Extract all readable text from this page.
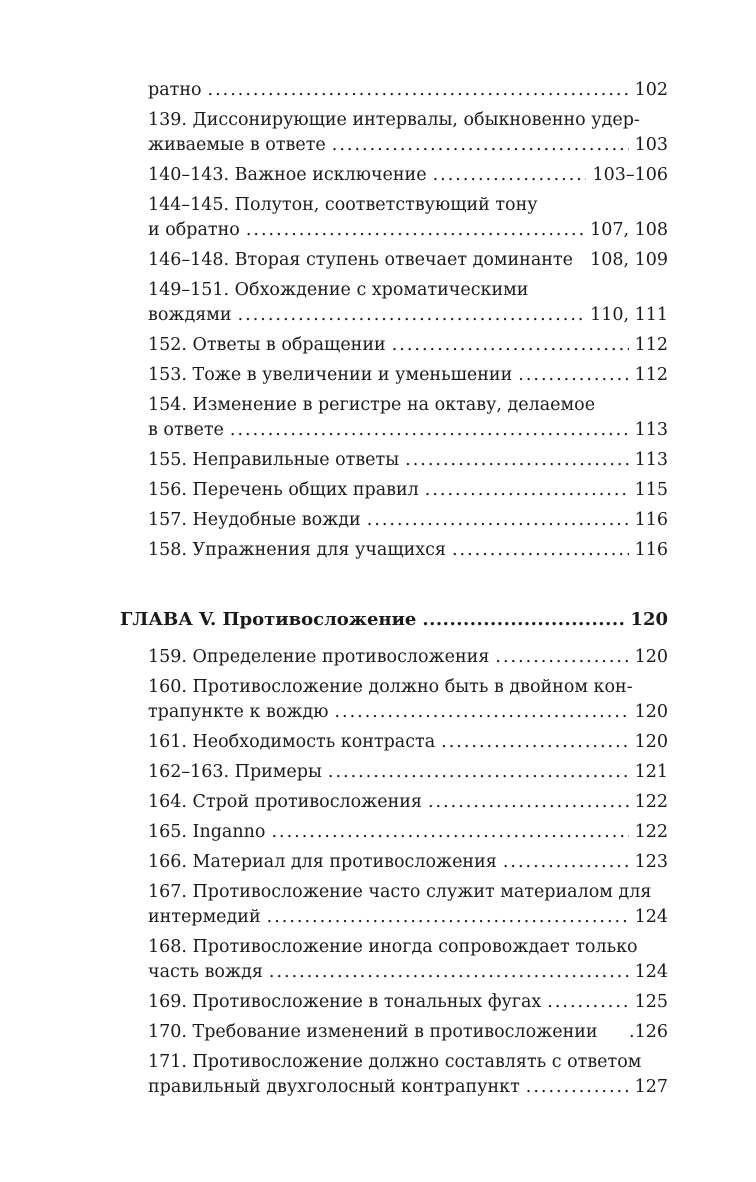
ратно .....	102
139. Диссонирующие интервалы, обыкновенно удер-
живаемые в ответе .....	103
140–143. Важное исключение .....	103–106
144–145. Полутон, соответствующий тону
и обратно .....	107, 108
146–148. Вторая ступень отвечает доминанте 108, 109
149–151. Обхождение с хроматическими
вождями .....	110, 111
152. Ответы в обращении .....	112
153. Тоже в увеличении и уменьшении .....	112
154. Изменение в регистре на октаву, делаемое
в ответе .....	113
155. Неправильные ответы .....	113
156. Перечень общих правил .....	115
157. Неудобные вожди .....	116
158. Упражнения для учащихся .....	116
ГЛАВА V. Противосложение .....	120
159. Определение противосложения .....	120
160. Противосложение должно быть в двойном кон-
трапункте к вождю .....	120
161. Необходимость контраста .....	120
162–163. Примеры .....	121
164. Строй противосложения .....	122
165. Inganno .....	122
166. Материал для противосложения .....	123
167. Противосложение часто служит материалом для
интермедий .....	124
168. Противосложение иногда сопровождает только
часть вождя .....	124
169. Противосложение в тональных фугах .....	125
170. Требование изменений в противосложении .126
171. Противосложение должно составлять с ответом
правильный двухголосный контрапункт .....	127
